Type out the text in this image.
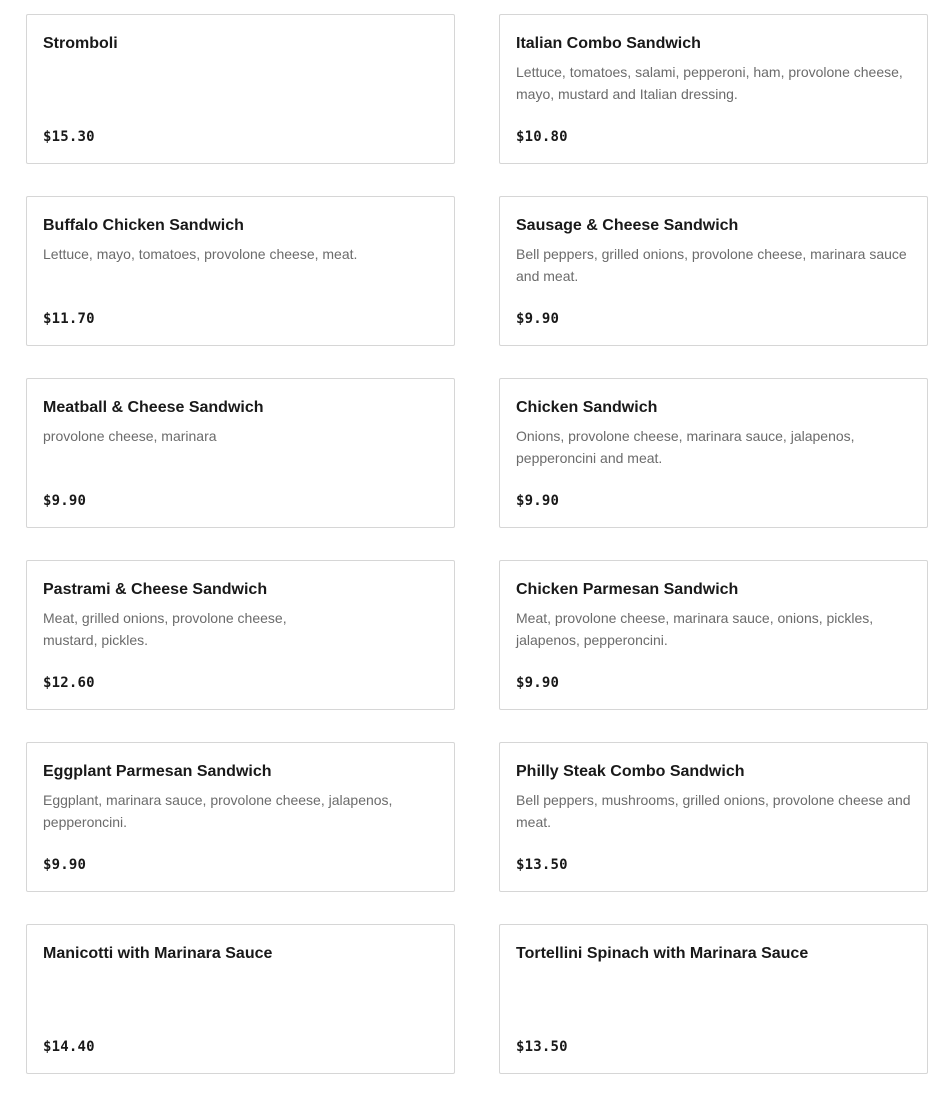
Stromboli
$15.30
Italian Combo Sandwich
Lettuce, tomatoes, salami, pepperoni, ham, provolone cheese, mayo, mustard and Italian dressing.
$10.80
Buffalo Chicken Sandwich
Lettuce, mayo, tomatoes, provolone cheese, meat.
$11.70
Sausage & Cheese Sandwich
Bell peppers, grilled onions, provolone cheese, marinara sauce and meat.
$9.90
Meatball & Cheese Sandwich
provolone cheese, marinara
$9.90
Chicken Sandwich
Onions, provolone cheese, marinara sauce, jalapenos, pepperoncini and meat.
$9.90
Pastrami & Cheese Sandwich
Meat, grilled onions, provolone cheese,
mustard, pickles.
$12.60
Chicken Parmesan Sandwich
Meat, provolone cheese, marinara sauce, onions, pickles, jalapenos, pepperoncini.
$9.90
Eggplant Parmesan Sandwich
Eggplant, marinara sauce, provolone cheese, jalapenos, pepperoncini.
$9.90
Philly Steak Combo Sandwich
Bell peppers, mushrooms, grilled onions, provolone cheese and meat.
$13.50
Manicotti with Marinara Sauce
$14.40
Tortellini Spinach with Marinara Sauce
$13.50
